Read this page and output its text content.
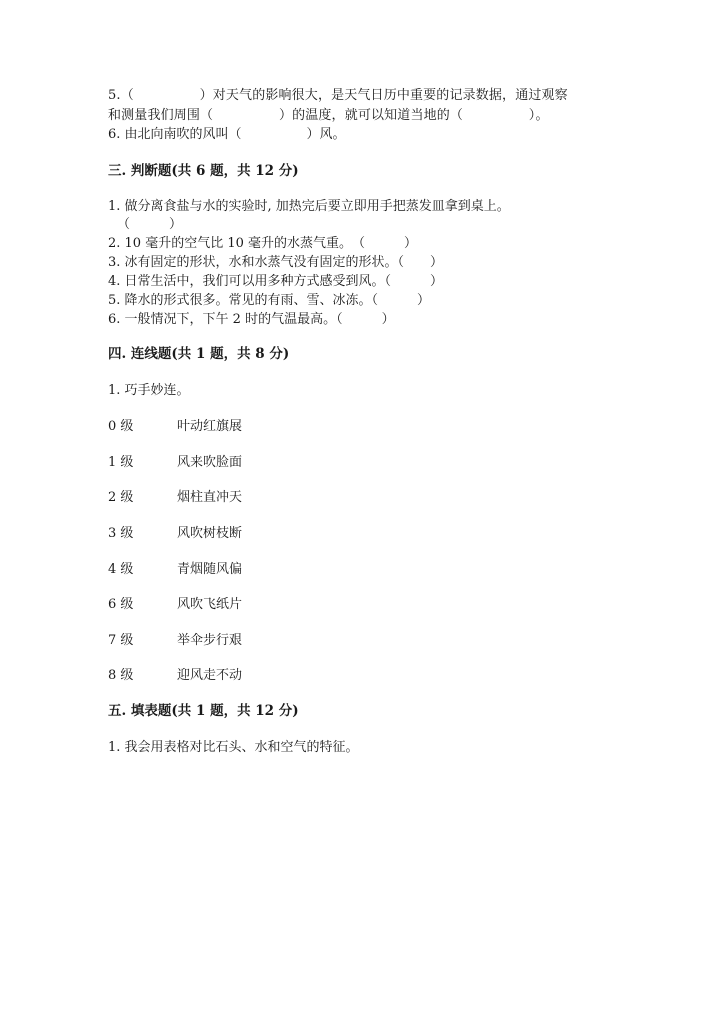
5.（　　　　　）对天气的影响很大，是天气日历中重要的记录数据，通过观察
和测量我们周围（　　　　　）的温度，就可以知道当地的（　　　　　）。
6. 由北向南吹的风叫（　　　　　）风。
三. 判断题(共 6 题，共 12 分)
1. 做分离食盐与水的实验时, 加热完后要立即用手把蒸发皿拿到桌上。
（　　　）
2. 10 毫升的空气比 10 毫升的水蒸气重。　（　　　）
3. 冰有固定的形状，水和水蒸气没有固定的形状。（　　）
4. 日常生活中，我们可以用多种方式感受到风。（　　　）
5. 降水的形式很多。常见的有雨、雪、冰冻。（　　　）
6. 一般情况下，下午 2 时的气温最高。（　　　）
四. 连线题(共 1 题，共 8 分)
1. 巧手妙连。
0 级	叶动红旗展
1 级	风来吹脸面
2 级	烟柱直冲天
3 级	风吹树枝断
4 级	青烟随风偏
6 级	风吹飞纸片
7 级	举伞步行艰
8 级	迎风走不动
五. 填表题(共 1 题，共 12 分)
1. 我会用表格对比石头、水和空气的特征。
